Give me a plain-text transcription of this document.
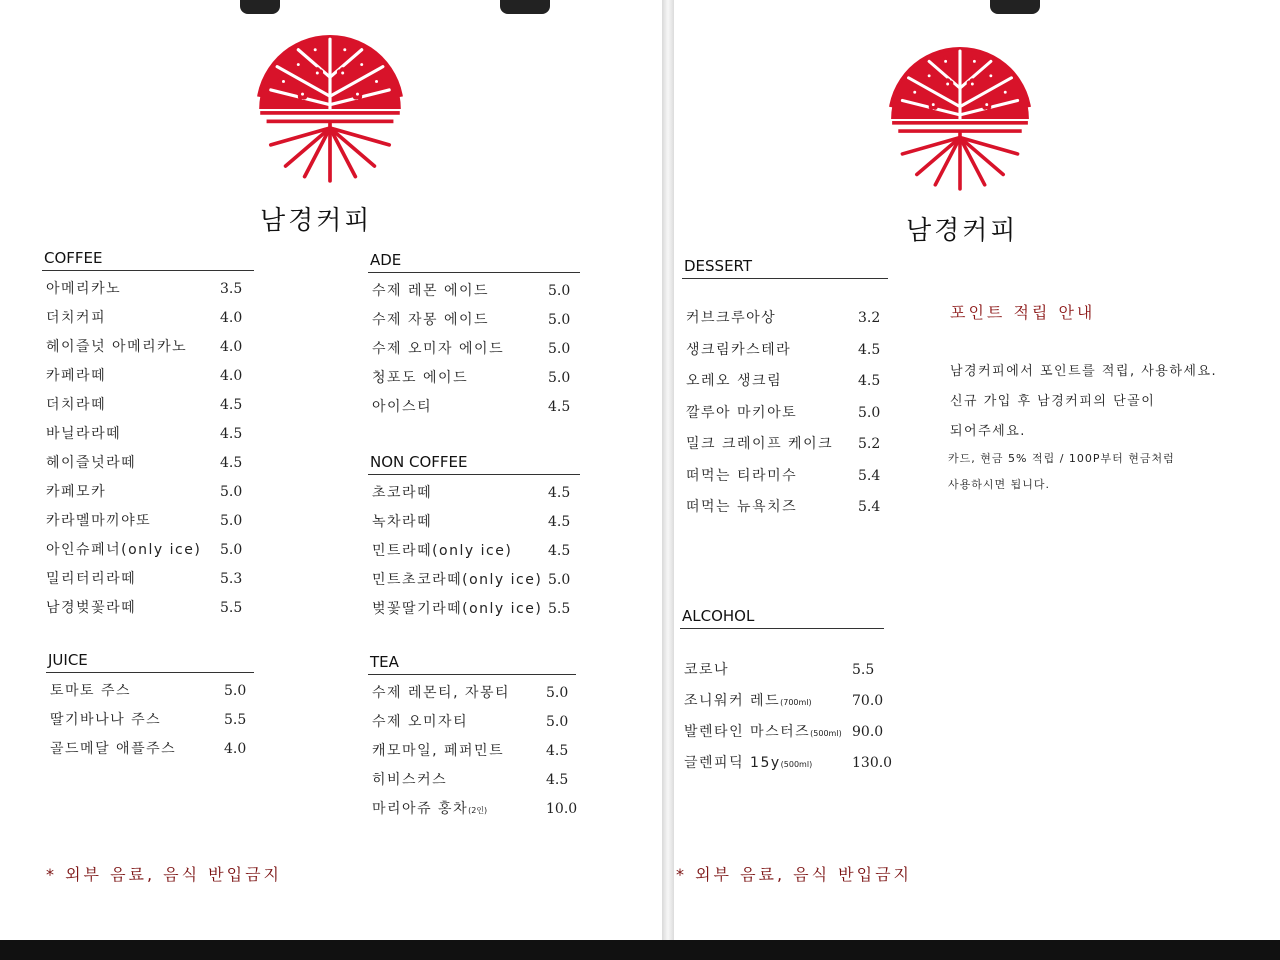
남경커피	남경커피
COFFEE
아메리카노	3.5
더치커피	4.0
헤이즐넛 아메리카노 4.0
카페라떼	4.0
더치라떼	4.5
바닐라라떼	4.5
헤이즐넛라떼	4.5
카페모카	5.0
카라멜마끼야또	5.0
아인슈페너(only ice) 5.0
밀리터리라떼	5.3
남경벚꽃라떼	5.5
JUICE
토마토 주스	5.0
딸기바나나 주스	5.5
골드메달 애플주스	4.0
ADE
수제 레몬 에이드	5.0
수제 자몽 에이드	5.0
수제 오미자 에이드	5.0
청포도 에이드	5.0
아이스티	4.5
NON COFFEE
초코라떼	4.5
녹차라떼	4.5
민트라떼(only ice)	4.5
민트초코라떼(only ice) 5.0
벚꽃딸기라떼(only ice) 5.5
TEA
수제 레몬티, 자몽티	5.0
수제 오미자티	5.0
캐모마일, 페퍼민트	4.5
히비스커스	4.5
마리아쥬 홍차(2인)	10.0
DESSERT
커브크루아상	3.2
생크림카스테라	4.5
오레오 생크림	4.5
깔루아 마키아토	5.0
밀크 크레이프 케이크 5.2
떠먹는 티라미수	5.4
떠먹는 뉴욕치즈	5.4
ALCOHOL
코로나	5.5
조니워커 레드(700ml)	70.0
발렌타인 마스터즈(500ml) 90.0
글렌피딕 15y(500ml)	130.0
포인트 적립 안내
남경커피에서 포인트를 적립, 사용하세요.
신규 가입 후 남경커피의 단골이
되어주세요.
카드, 현금 5% 적립 / 100P부터 현금처럼
사용하시면 됩니다.
* 외부 음료, 음식 반입금지	* 외부 음료, 음식 반입금지
